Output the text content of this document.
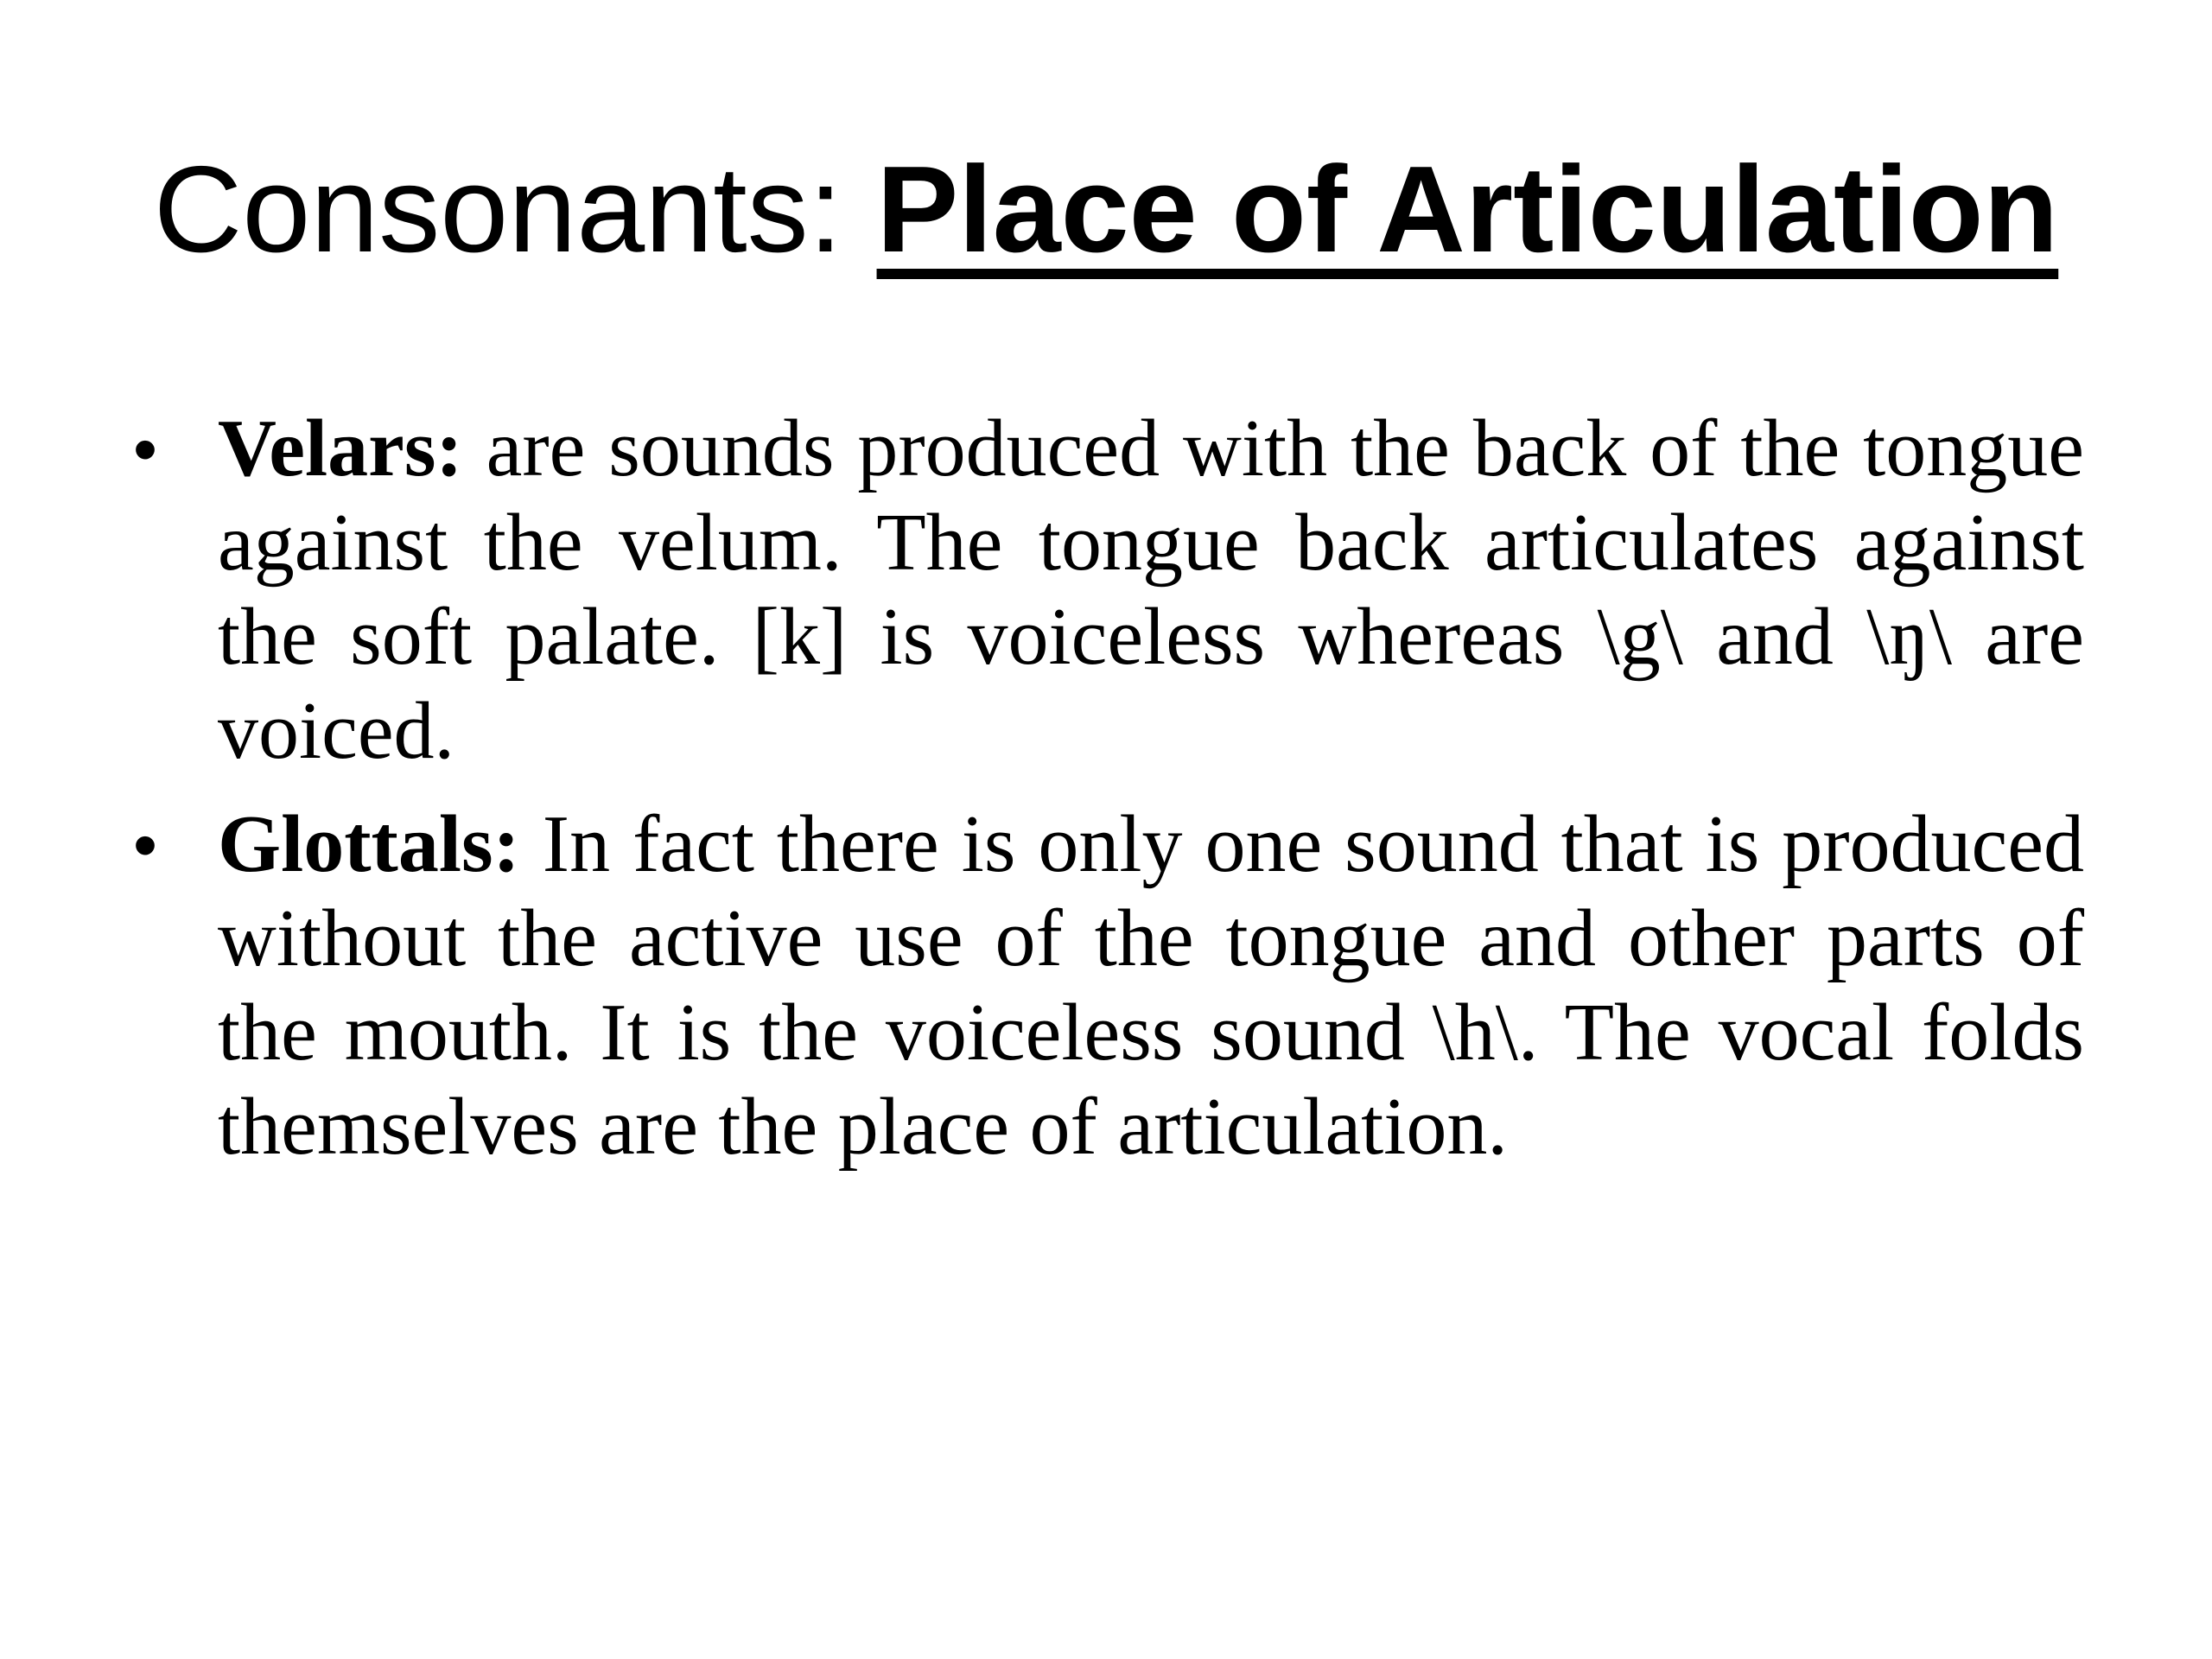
Consonants: Place of Articulation
• Velars: are sounds produced with the back of the tongue against the velum. The tongue back articulates against the soft palate. [k] is voiceless whereas \g\ and \ŋ\ are voiced.
• Glottals: In fact there is only one sound that is produced without the active use of the tongue and other parts of the mouth. It is the voiceless sound \h\. The vocal folds themselves are the place of articulation.
